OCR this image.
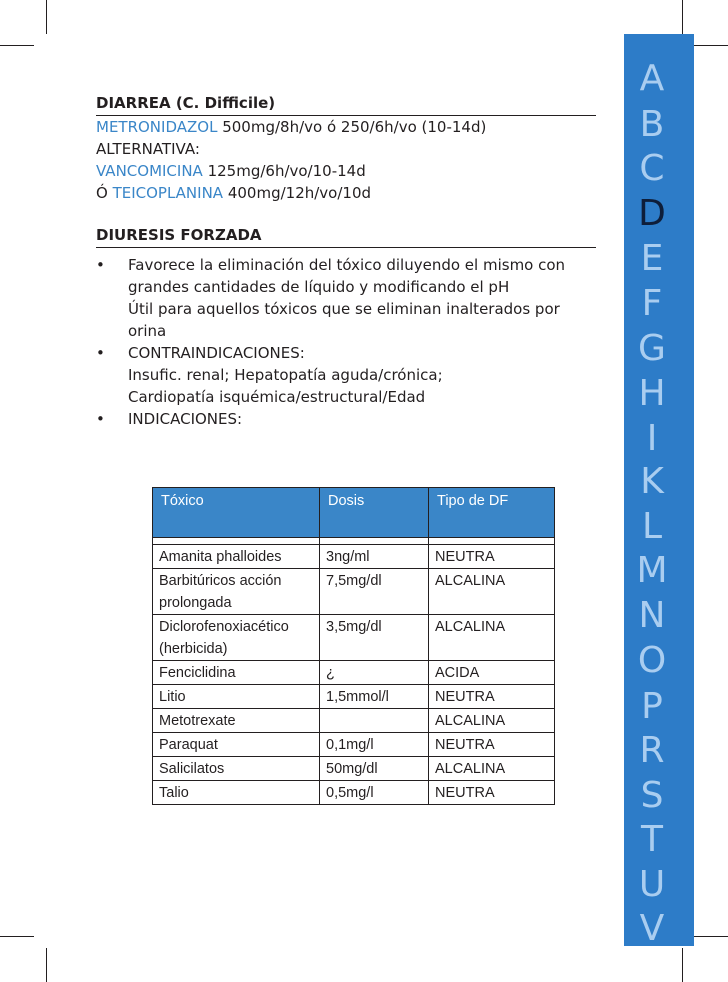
DIARREA (C. Difficile)

METRONIDAZOL 500mg/8h/vo ó 250/6h/vo (10-14d)

ALTERNATIVA:

VANCOMICINA 125mg/6h/vo/10-14d

Ó TEICOPLANINA 400mg/12h/vo/10d

DIURESIS FORZADA
• Favorece la eliminación del tóxico diluyendo el mismo con
grandes cantidades de líquido y modificando el pH
Útil para aquellos tóxicos que se eliminan inalterados por
orina
• CONTRAINDICACIONES:
Insufic. renal; Hepatopatía aguda/crónica;
Cardiopatía isquémica/estructural/Edad
• INDICACIONES:
Tóxico	Dosis	Tipo de DF

Amanita phalloides	3ng/ml	NEUTRA
Barbitúricos acción prolongada	7,5mg/dl	ALCALINA
Diclorofenoxiacético (herbicida)	3,5mg/dl	ALCALINA
Fenciclidina	¿	ACIDA
Litio	1,5mmol/l	NEUTRA
Metotrexate		ALCALINA
Paraquat	0,1mg/l	NEUTRA
Salicilatos	50mg/dl	ALCALINA
Talio	0,5mg/l	NEUTRA
A
B
C
D
E
F
G
H
I
K
L
M
N
O
P
R
S
T
U
V
